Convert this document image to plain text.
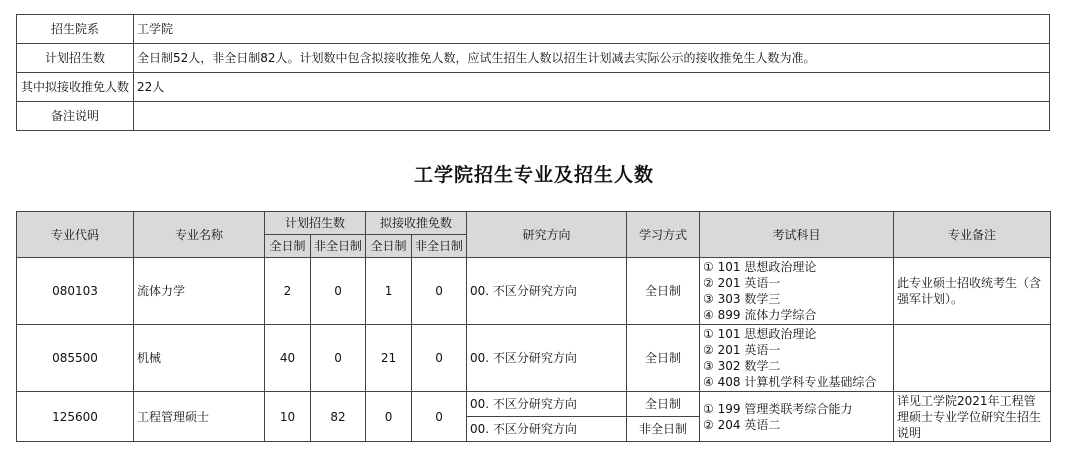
招生院系	工学院
计划招生数	全日制52人，非全日制82人。计划数中包含拟接收推免人数，应试生招生人数以招生计划减去实际公示的接收推免生人数为准。
其中拟接收推免人数	22人
备注说明	
工学院招生专业及招生人数
专业代码	专业名称	计划招生数		拟接收推免数		研究方向	学习方式	考试科目	专业备注
		全日制	非全日制	全日制	非全日制				
080103	流体力学	2	0	1	0	00. 不区分研究方向	全日制	① 101 思想政治理论
② 201 英语一
③ 303 数学三
④ 899 流体力学综合	此专业硕士招收统考生（含强军计划）。
085500	机械	40	0	21	0	00. 不区分研究方向	全日制	① 101 思想政治理论
② 201 英语一
③ 302 数学二
④ 408 计算机学科专业基础综合	

125600	工程管理硕士	10	82	0	0	00. 不区分研究方向	全日制	① 199 管理类联考综合能力
② 204 英语二	详见工学院2021年工程管理硕士专业学位研究生招生说明
						00. 不区分研究方向	非全日制		
